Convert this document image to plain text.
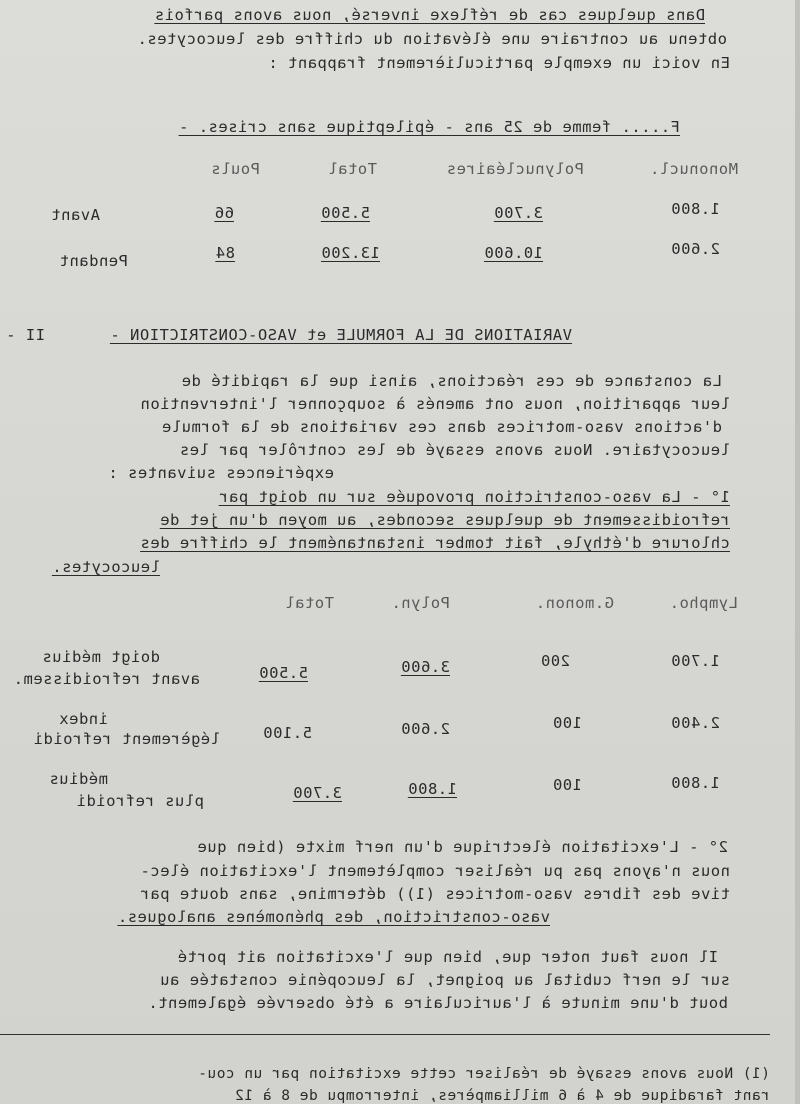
Dans quelques cas de réflexe inversé, nous avons parfois
obtenu au contraire une élévation du chiffre des leucocytes.
En voici un exemple particulièrement frappant :
F..... femme de 25 ans - épileptique sans crises. -
Pouls	Total	Polynucléaires	Mononucl.
Avant	66	5.500	3.700	1.800
Pendant	84	13.200	10.600	2.600
VARIATIONS DE LA FORMULE et VASO-CONSTRICTION -
II -
La constance de ces réactions, ainsi que la rapidité de
leur apparition, nous ont amenés à soupçonner l'intervention
d'actions vaso-motrices dans ces variations de la formule
leucocytaire. Nous avons essayé de les contrôler par les
expériences suivantes :
1° - La vaso-constriction provoquée sur un doigt par
refroidissement de quelques secondes, au moyen d'un jet de
chlorure d'éthyle, fait tomber instantanément le chiffre des
leucocytes.
Total	Polyn.	G.monon.	Lympho.
doigt médius
avant refroidissem.	5.500	3.600	200	1.700
index
légèrement refroidi	5.100	2.600	100	2.400
médius
plus refroidi	3.700	1.800	100	1.800
2° - L'excitation électrique d'un nerf mixte (bien que
nous n'ayons pas pu réaliser complètement l'excitation élec-
tive des fibres vaso-motrices (1)) détermine, sans doute par
vaso-constriction, des phénomènes analogues.
Il nous faut noter que, bien que l'excitation ait porté
sur le nerf cubital au poignet, la leucopénie constatée au
bout d'une minute à l'auriculaire a été observée également.
(1) Nous avons essayé de réaliser cette excitation par un cou-
rant faradique de 4 à 6 milliampères, interrompu de 8 à 12
